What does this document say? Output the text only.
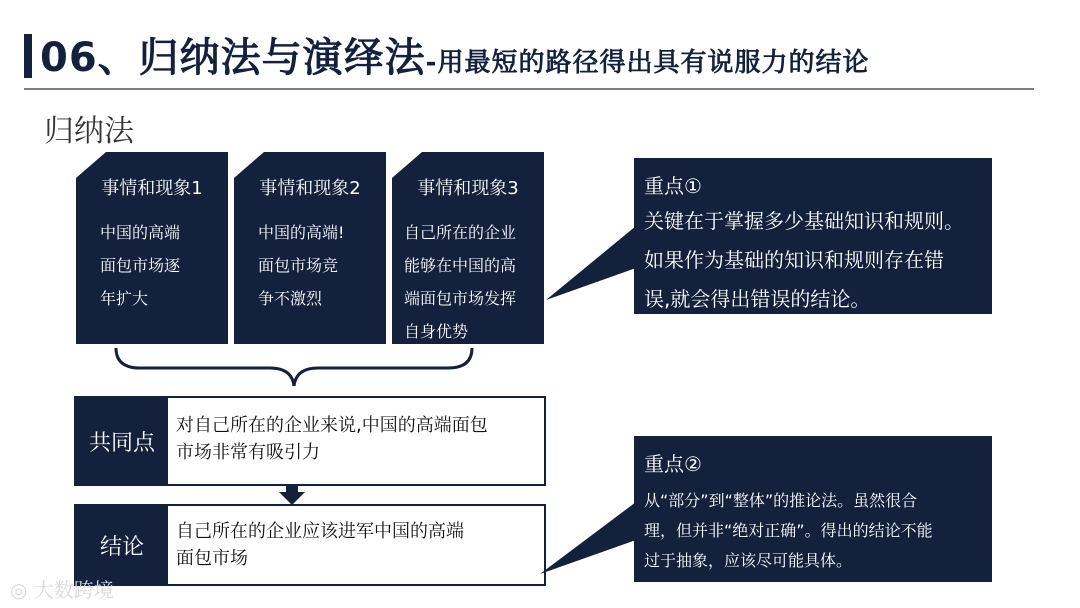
06、归纳法与演绎法-用最短的路径得出具有说服力的结论
归纳法
事情和现象1
中国的高端
面包市场逐
年扩大
事情和现象2
中国的高端!
面包市场竞
争不激烈
事情和现象3
自己所在的企业
能够在中国的高
端面包市场发挥
自身优势
共同点
对自己所在的企业来说,中国的高端面包
市场非常有吸引力
结论
自己所在的企业应该进军中国的高端
面包市场
重点①
关键在于掌握多少基础知识和规则。
如果作为基础的知识和规则存在错
误,就会得出错误的结论。
重点②
从“部分”到“整体”的推论法。虽然很合
理，但并非“绝对正确”。得出的结论不能
过于抽象，应该尽可能具体。
◎ 大数跨境
